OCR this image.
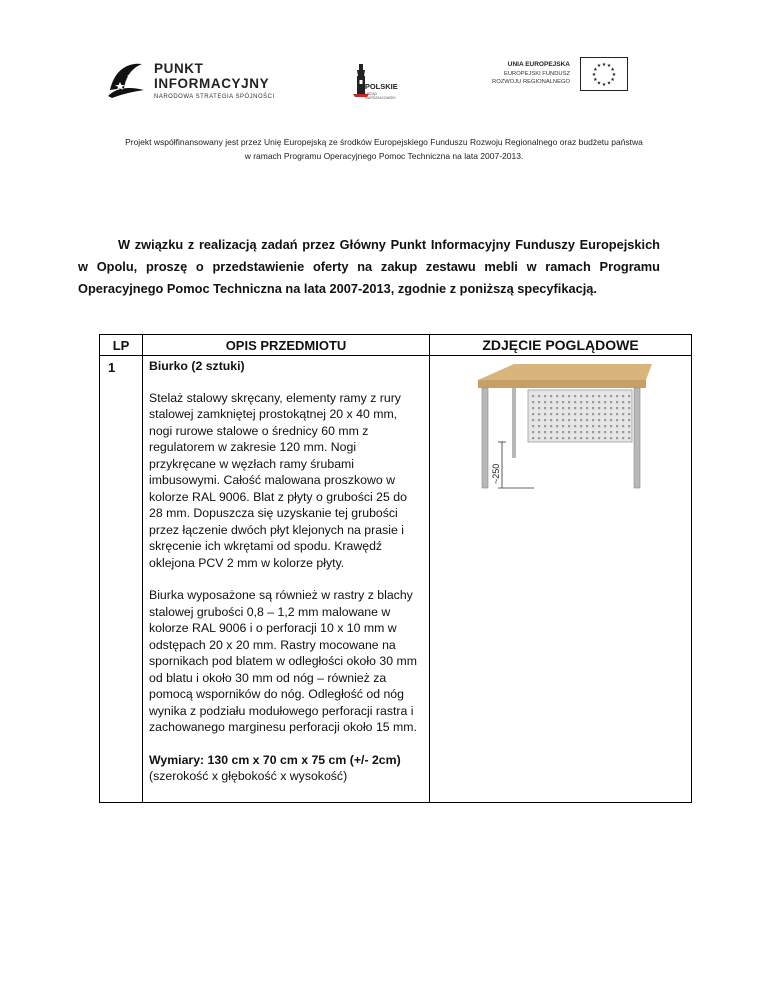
PUNKT
INFORMACYJNY
NARODOWA STRATEGIA SPÓJNOŚCI
OPOLSKIE
URZĄD MARSZAŁKOWSKI
UNIA EUROPEJSKA
EUROPEJSKI FUNDUSZ
ROZWOJU REGIONALNEGO
★
★
★
★
★
★
★
★
★ ★ ★
★
Projekt współfinansowany jest przez Unię Europejską ze środków Europejskiego Funduszu Rozwoju Regionalnego oraz budżetu państwa
w ramach Programu Operacyjnego Pomoc Techniczna na lata 2007-2013.
W związku z realizacją zadań przez Główny Punkt Informacyjny Funduszy Europejskich w Opolu, proszę o przedstawienie oferty na zakup zestawu mebli w ramach Programu Operacyjnego Pomoc Techniczna na lata 2007-2013, zgodnie z poniższą specyfikacją.
LP	OPIS PRZEDMIOTU	ZDJĘCIE POGLĄDOWE
1	Biurko (2 sztuki)

Stelaż stalowy skręcany, elementy ramy z rury stalowej zamkniętej prostokątnej 20 x 40 mm, nogi rurowe stalowe o średnicy 60 mm z regulatorem w zakresie 120 mm. Nogi przykręcane w węzłach ramy śrubami imbusowymi. Całość malowana proszkowo w kolorze RAL 9006. Blat z płyty o grubości 25 do 28 mm. Dopuszcza się uzyskanie tej grubości przez łączenie dwóch płyt klejonych na prasie i skręcenie ich wkrętami od spodu. Krawędź oklejona PCV 2 mm w kolorze płyty.

Biurka wyposażone są również w rastry z blachy stalowej grubości 0,8 – 1,2 mm malowane w kolorze RAL 9006 i o perforacji 10 x 10 mm w odstępach 20 x 20 mm. Rastry mocowane na spornikach pod blatem w odległości około 30 mm od blatu i około 30 mm od nóg – również za pomocą wsporników do nóg. Odległość od nóg wynika z podziału modułowego perforacji rastra i zachowanego marginesu perforacji około 15 mm.

Wymiary: 130 cm x 70 cm x 75 cm (+/- 2cm)
(szerokość x głębokość x wysokość)	~250
